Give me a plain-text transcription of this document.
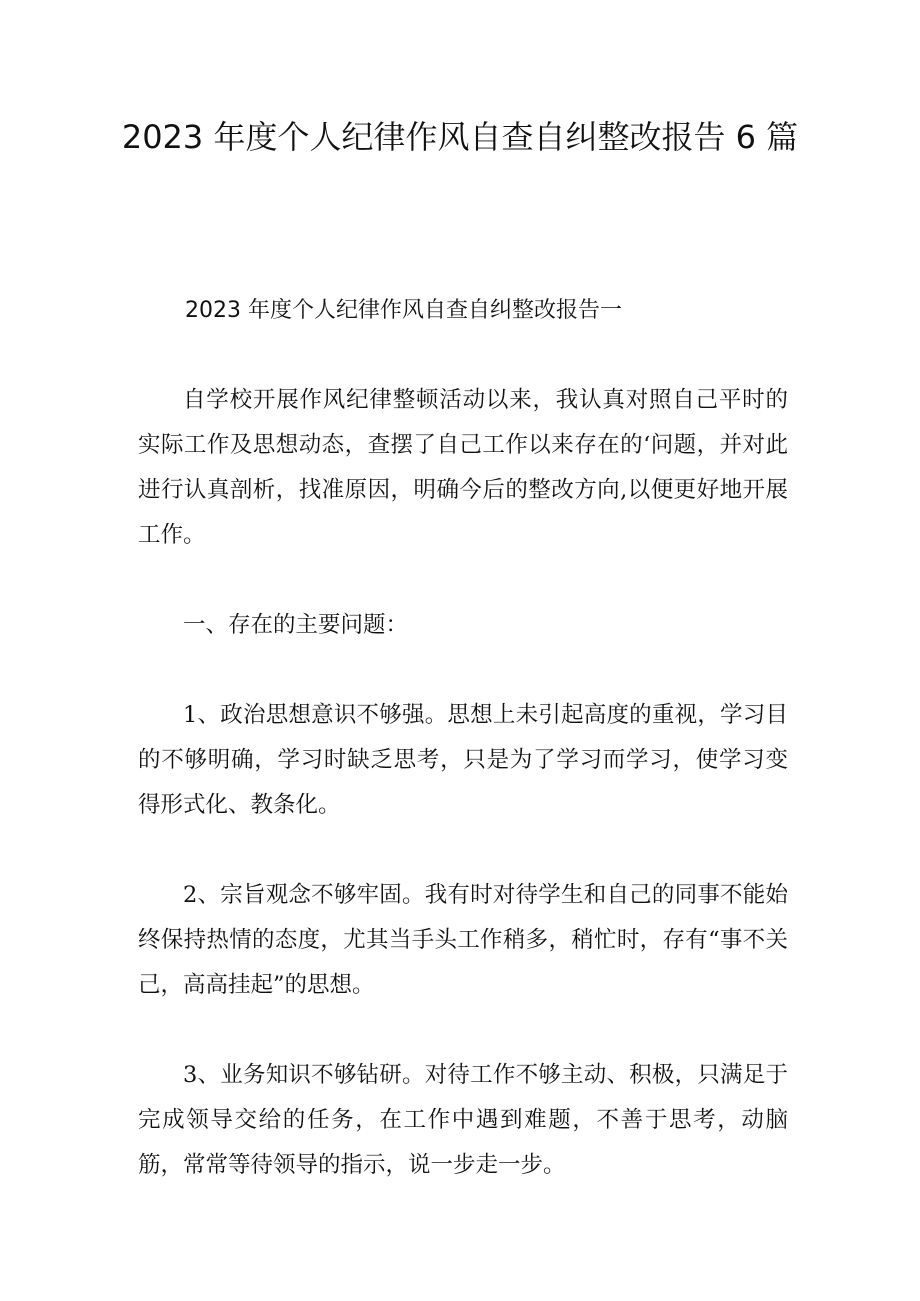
2023 年度个人纪律作风自查自纠整改报告 6 篇

2023 年度个人纪律作风自查自纠整改报告一

自学校开展作风纪律整顿活动以来，我认真对照自己平时的实际工作及思想动态，查摆了自己工作以来存在的‘问题，并对此进行认真剖析，找准原因，明确今后的整改方向,以便更好地开展工作。

一、存在的主要问题：

1、政治思想意识不够强。思想上未引起高度的重视，学习目的不够明确，学习时缺乏思考，只是为了学习而学习，使学习变得形式化、教条化。

2、宗旨观念不够牢固。我有时对待学生和自己的同事不能始终保持热情的态度，尤其当手头工作稍多，稍忙时，存有“事不关己，高高挂起”的思想。

3、业务知识不够钻研。对待工作不够主动、积极，只满足于完成领导交给的任务，在工作中遇到难题，不善于思考，动脑筋，常常等待领导的指示，说一步走一步。
